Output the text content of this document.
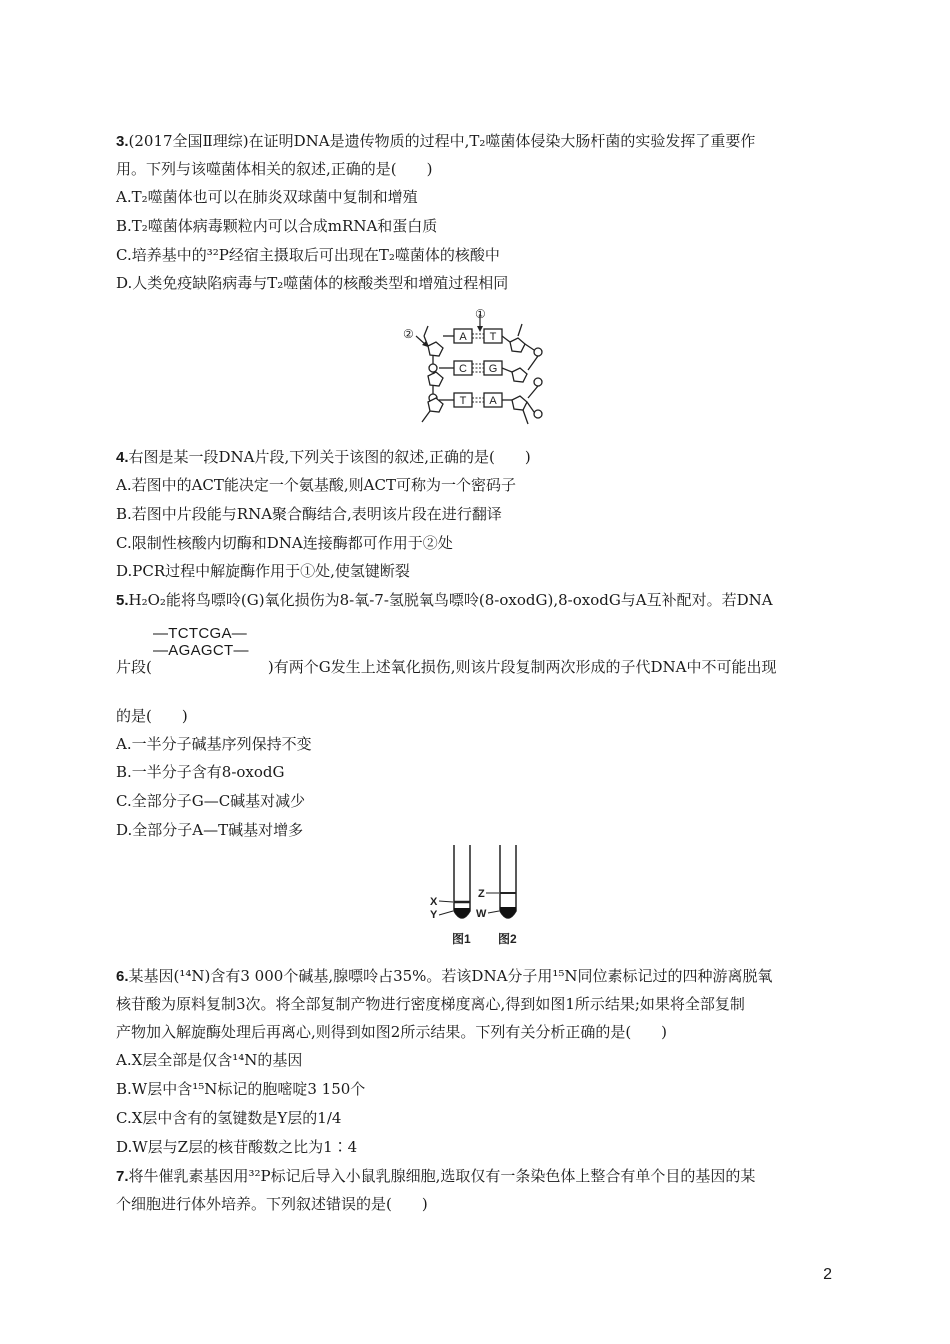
3.(2017全国Ⅱ理综)在证明DNA是遗传物质的过程中,T₂噬菌体侵染大肠杆菌的实验发挥了重要作
用。下列与该噬菌体相关的叙述,正确的是(　　)
A.T₂噬菌体也可以在肺炎双球菌中复制和增殖
B.T₂噬菌体病毒颗粒内可以合成mRNA和蛋白质
C.培养基中的³²P经宿主摄取后可出现在T₂噬菌体的核酸中
D.人类免疫缺陷病毒与T₂噬菌体的核酸类型和增殖过程相同
A T
C G
T A
①
②
4.右图是某一段DNA片段,下列关于该图的叙述,正确的是(　　)
A.若图中的ACT能决定一个氨基酸,则ACT可称为一个密码子
B.若图中片段能与RNA聚合酶结合,表明该片段在进行翻译
C.限制性核酸内切酶和DNA连接酶都可作用于②处
D.PCR过程中解旋酶作用于①处,使氢键断裂
5.H₂O₂能将鸟嘌呤(G)氧化损伤为8-氧-7-氢脱氧鸟嘌呤(8-oxodG),8-oxodG与A互补配对。若DNA
—TCTCGA—
—AGAGCT—
片段(	)有两个G发生上述氧化损伤,则该片段复制两次形成的子代DNA中不可能出现
的是(　　)
A.一半分子碱基序列保持不变
B.一半分子含有8-oxodG
C.全部分子G—C碱基对减少
D.全部分子A—T碱基对增多
X
Y
Z
W
图1 图2
6.某基因(¹⁴N)含有3 000个碱基,腺嘌呤占35%。若该DNA分子用¹⁵N同位素标记过的四种游离脱氧
核苷酸为原料复制3次。将全部复制产物进行密度梯度离心,得到如图1所示结果;如果将全部复制
产物加入解旋酶处理后再离心,则得到如图2所示结果。下列有关分析正确的是(　　)
A.X层全部是仅含¹⁴N的基因
B.W层中含¹⁵N标记的胞嘧啶3 150个
C.X层中含有的氢键数是Y层的1/4
D.W层与Z层的核苷酸数之比为1∶4
7.将牛催乳素基因用³²P标记后导入小鼠乳腺细胞,选取仅有一条染色体上整合有单个目的基因的某
个细胞进行体外培养。下列叙述错误的是(　　)
2
